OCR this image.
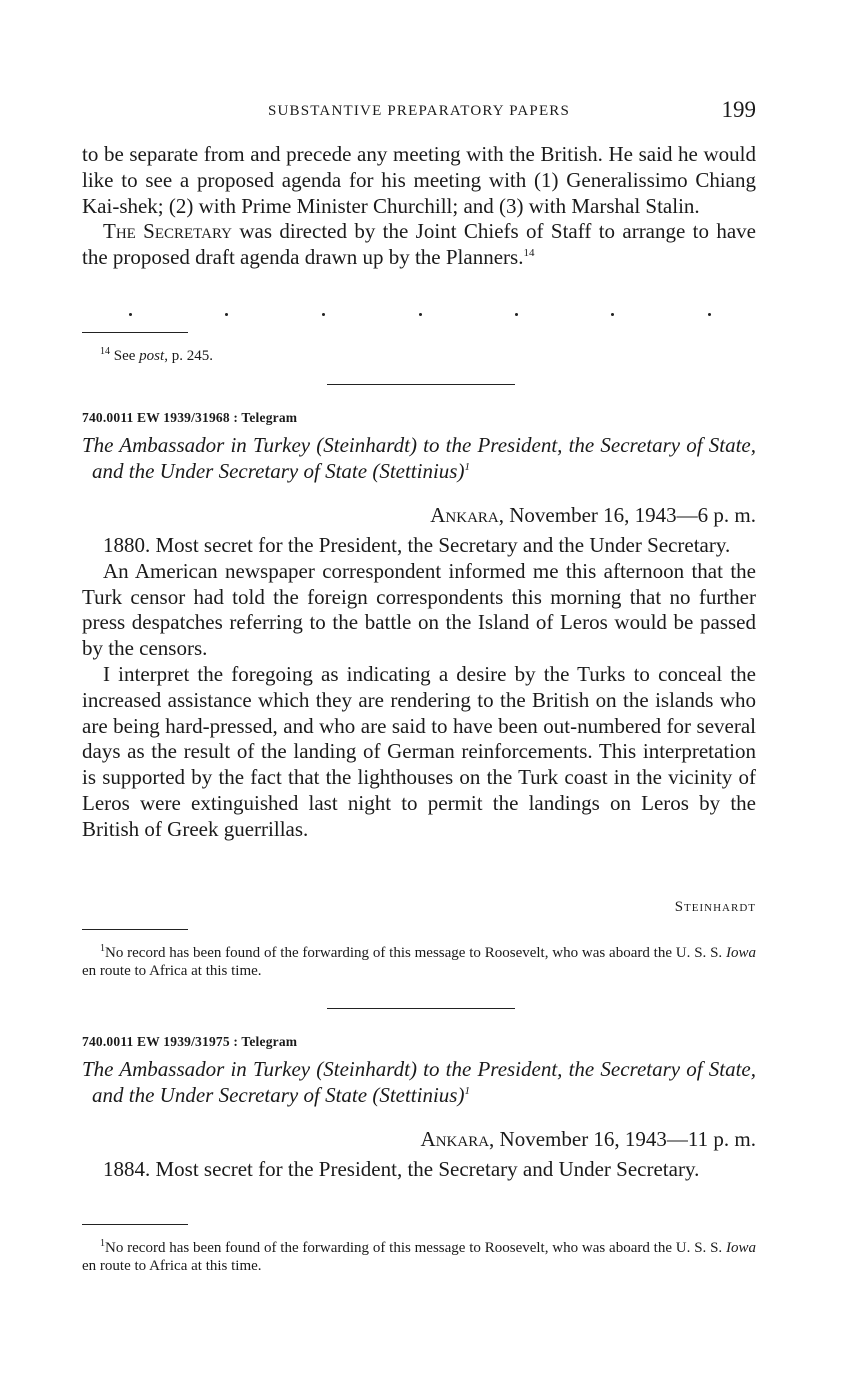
SUBSTANTIVE PREPARATORY PAPERS	199

to be separate from and precede any meeting with the British. He said he would like to see a proposed agenda for his meeting with (1) Generalissimo Chiang Kai-shek; (2) with Prime Minister Churchill; and (3) with Marshal Stalin.

The Secretary was directed by the Joint Chiefs of Staff to arrange to have the proposed draft agenda drawn up by the Planners.$^{14}$

$^{14}$ See post, p. 245.

740.0011 EW 1939/31968 : Telegram

The Ambassador in Turkey (Steinhardt) to the President, the Secretary of State, and the Under Secretary of State (Stettinius)$^1$

Ankara, November 16, 1943—6 p. m.

1880. Most secret for the President, the Secretary and the Under Secretary.

An American newspaper correspondent informed me this afternoon that the Turk censor had told the foreign correspondents this morning that no further press despatches referring to the battle on the Island of Leros would be passed by the censors.

I interpret the foregoing as indicating a desire by the Turks to conceal the increased assistance which they are rendering to the British on the islands who are being hard-pressed, and who are said to have been out-numbered for several days as the result of the landing of German reinforcements. This interpretation is supported by the fact that the lighthouses on the Turk coast in the vicinity of Leros were extinguished last night to permit the landings on Leros by the British of Greek guerrillas.

Steinhardt

$^1$No record has been found of the forwarding of this message to Roosevelt, who was aboard the U. S. S. Iowa en route to Africa at this time.

740.0011 EW 1939/31975 : Telegram

The Ambassador in Turkey (Steinhardt) to the President, the Secretary of State, and the Under Secretary of State (Stettinius)$^1$

Ankara, November 16, 1943—11 p. m.

1884. Most secret for the President, the Secretary and Under Secretary.

$^1$No record has been found of the forwarding of this message to Roosevelt, who was aboard the U. S. S. Iowa en route to Africa at this time.
